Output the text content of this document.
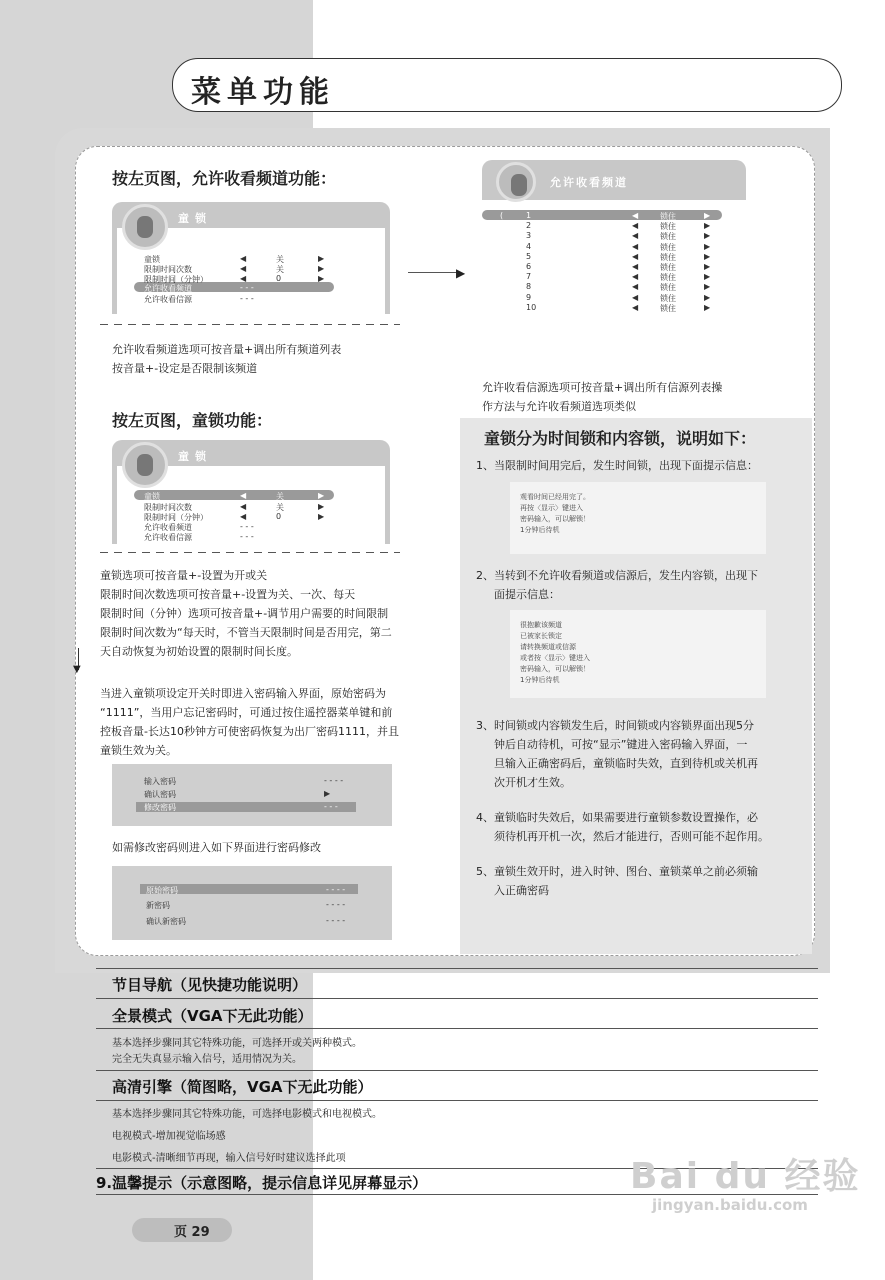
菜单功能
按左页图，允许收看频道功能：
童锁
童锁	◀	关	▶
限制时间次数	◀	关	▶
限制时间（分钟）	◀	0	▶
允许收看频道	- - -
允许收看信源	- - -
允许收看频道选项可按音量+调出所有频道列表
按音量+-设定是否限制该频道
▶
按左页图，童锁功能：
童锁
童锁	◀	关	▶
限制时间次数	◀	关	▶
限制时间（分钟）	◀	0	▶
允许收看频道	- - -
允许收看信源	- - -
童锁选项可按音量+-设置为开或关
限制时间次数选项可按音量+-设置为关、一次、每天
限制时间（分钟）选项可按音量+-调节用户需要的时间限制
限制时间次数为“每天时，不管当天限制时间是否用完，第二
天自动恢复为初始设置的限制时间长度。
▼
当进入童锁项设定开关时即进入密码输入界面，原始密码为
“1111”，当用户忘记密码时，可通过按住遥控器菜单键和前
控板音量-长达10秒钟方可使密码恢复为出厂密码1111，并且
童锁生效为关。
输入密码	- - - -
确认密码	▶
修改密码	- - -
如需修改密码则进入如下界面进行密码修改
原始密码	- - - -
新密码	- - - -
确认新密码	- - - -
允许收看频道
(	1	◀	锁住	▶
2	◀	锁住	▶
3	◀	锁住	▶
4	◀	锁住	▶
5	◀	锁住	▶
6	◀	锁住	▶
7	◀	锁住	▶
8	◀	锁住	▶
9	◀	锁住	▶
10	◀	锁住	▶
允许收看信源选项可按音量+调出所有信源列表操
作方法与允许收看频道选项类似
童锁分为时间锁和内容锁，说明如下：
1、当限制时间用完后，发生时间锁，出现下面提示信息：
观看时间已经用完了。
再按〈显示〉键进入
密码输入，可以解锁！
1分钟后待机
2、当转到不允许收看频道或信源后，发生内容锁，出现下
面提示信息：
很抱歉该频道
已被家长锁定
请转换频道或信源
或者按〈显示〉键进入
密码输入，可以解锁！
1分钟后待机
3、时间锁或内容锁发生后，时间锁或内容锁界面出现5分
钟后自动待机，可按“显示”键进入密码输入界面，一
旦输入正确密码后，童锁临时失效，直到待机或关机再
次开机才生效。
4、童锁临时失效后，如果需要进行童锁参数设置操作，必
须待机再开机一次，然后才能进行，否则可能不起作用。
5、童锁生效开时，进入时钟、图台、童锁菜单之前必须输
入正确密码
节目导航（见快捷功能说明）
全景模式（VGA下无此功能）
基本选择步骤同其它特殊功能，可选择开或关两种模式。
完全无失真显示输入信号，适用情况为关。
高清引擎（简图略，VGA下无此功能）
基本选择步骤同其它特殊功能，可选择电影模式和电视模式。
电视模式-增加视觉临场感
电影模式-清晰细节再现，输入信号好时建议选择此项
9.温馨提示（示意图略，提示信息详见屏幕显示）
页 29
Bai du 经验
jingyan.baidu.com
